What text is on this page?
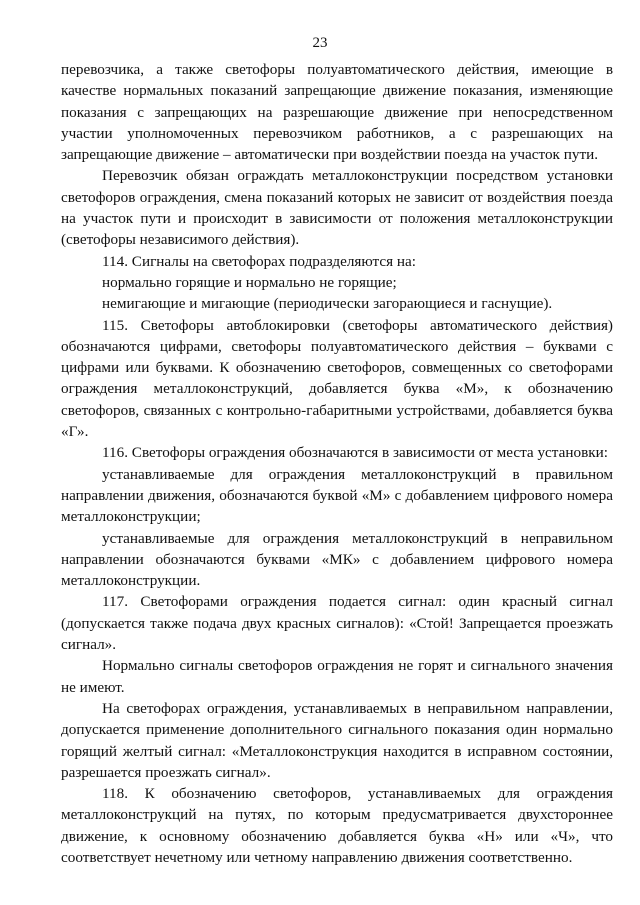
23

перевозчика, а также светофоры полуавтоматического действия, имеющие в качестве нормальных показаний запрещающие движение показания, изменяющие показания с запрещающих на разрешающие движение при непосредственном участии уполномоченных перевозчиком работников, а с разрешающих на запрещающие движение – автоматически при воздействии поезда на участок пути.

Перевозчик обязан ограждать металлоконструкции посредством установки светофоров ограждения, смена показаний которых не зависит от воздействия поезда на участок пути и происходит в зависимости от положения металлоконструкции (светофоры независимого действия).

114. Сигналы на светофорах подразделяются на:

нормально горящие и нормально не горящие;

немигающие и мигающие (периодически загорающиеся и гаснущие).

115. Светофоры автоблокировки (светофоры автоматического действия) обозначаются цифрами, светофоры полуавтоматического действия – буквами с цифрами или буквами. К обозначению светофоров, совмещенных со светофорами ограждения металлоконструкций, добавляется буква «М», к обозначению светофоров, связанных с контрольно-габаритными устройствами, добавляется буква «Г».

116. Светофоры ограждения обозначаются в зависимости от места установки:

устанавливаемые для ограждения металлоконструкций в правильном направлении движения, обозначаются буквой «М» с добавлением цифрового номера металлоконструкции;

устанавливаемые для ограждения металлоконструкций в неправильном направлении обозначаются буквами «МК» с добавлением цифрового номера металлоконструкции.

117. Светофорами ограждения подается сигнал: один красный сигнал (допускается также подача двух красных сигналов): «Стой! Запрещается проезжать сигнал».

Нормально сигналы светофоров ограждения не горят и сигнального значения не имеют.

На светофорах ограждения, устанавливаемых в неправильном направлении, допускается применение дополнительного сигнального показания один нормально горящий желтый сигнал: «Металлоконструкция находится в исправном состоянии, разрешается проезжать сигнал».

118. К обозначению светофоров, устанавливаемых для ограждения металлоконструкций на путях, по которым предусматривается двухстороннее движение, к основному обозначению добавляется буква «Н» или «Ч», что соответствует нечетному или четному направлению движения соответственно.
